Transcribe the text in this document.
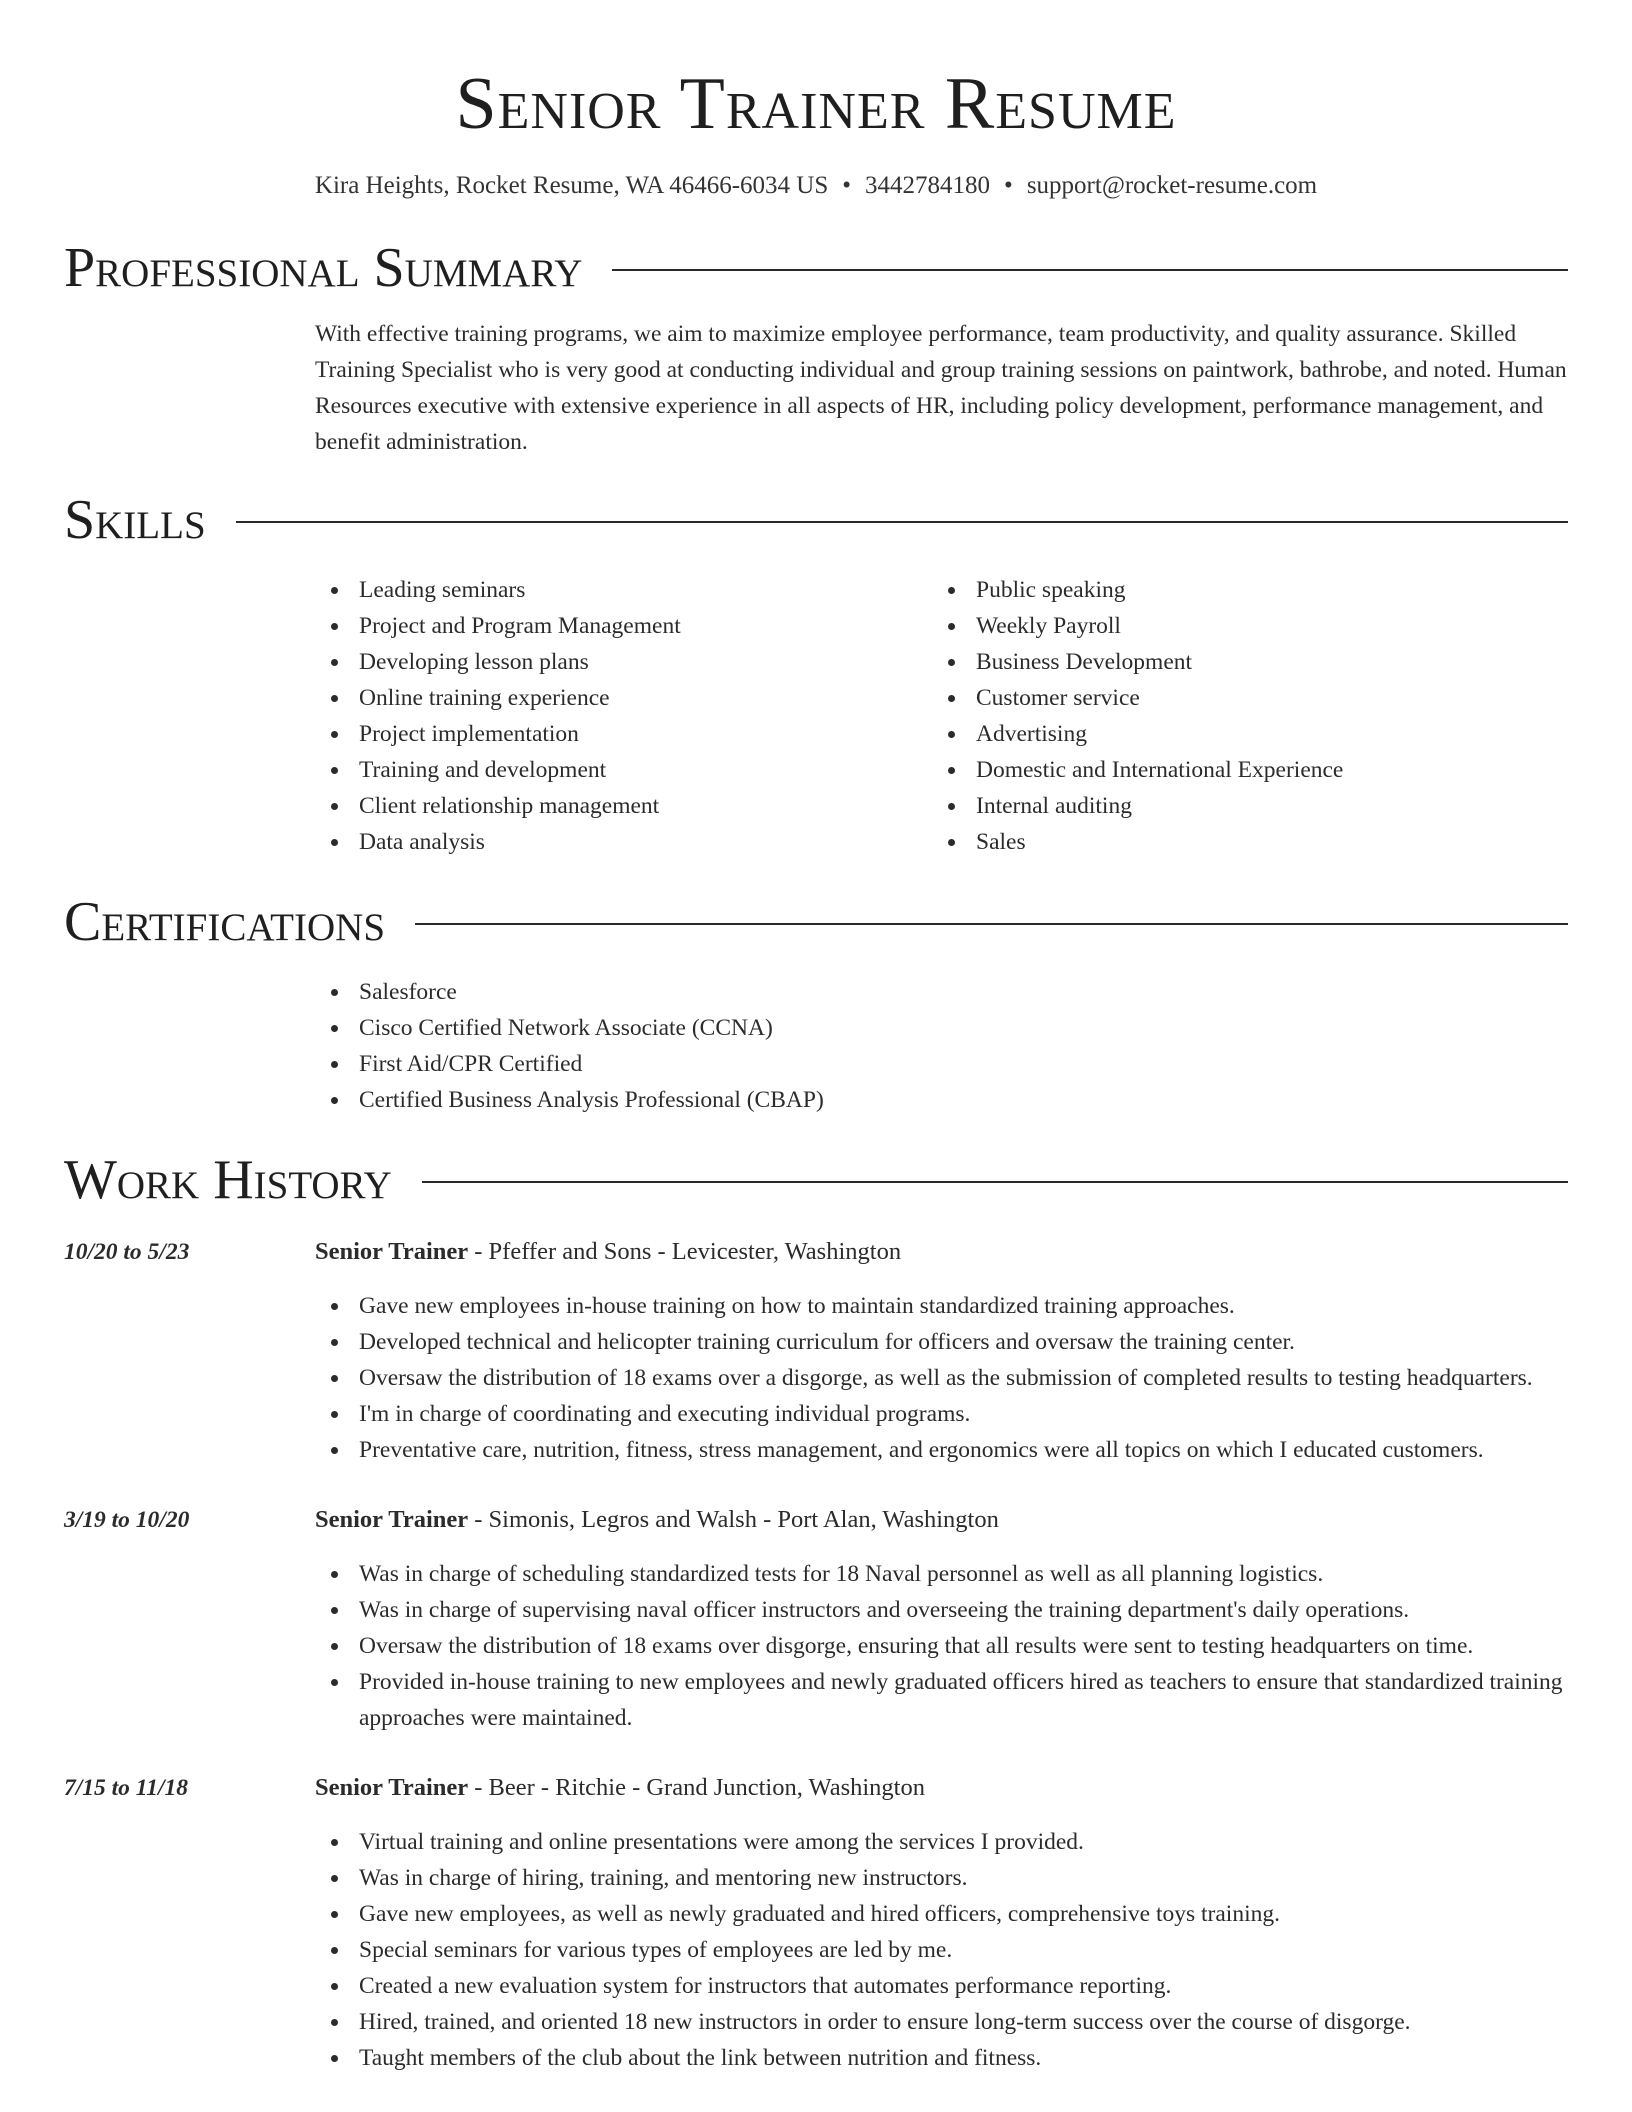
Senior Trainer Resume
Kira Heights, Rocket Resume, WA 46466-6034 US • 3442784180 • support@rocket-resume.com
Professional Summary

With effective training programs, we aim to maximize employee performance, team productivity, and quality assurance. Skilled Training Specialist who is very good at conducting individual and group training sessions on paintwork, bathrobe, and noted. Human Resources executive with extensive experience in all aspects of HR, including policy development, performance management, and benefit administration.

Skills
Leading seminars
Project and Program Management
Developing lesson plans
Online training experience
Project implementation
Training and development
Client relationship management
Data analysis
Public speaking
Weekly Payroll
Business Development
Customer service
Advertising
Domestic and International Experience
Internal auditing
Sales
Certifications
Salesforce
Cisco Certified Network Associate (CCNA)
First Aid/CPR Certified
Certified Business Analysis Professional (CBAP)
Work History
10/20 to 5/23	Senior Trainer - Pfeffer and Sons - Levicester, Washington
Gave new employees in-house training on how to maintain standardized training approaches.
Developed technical and helicopter training curriculum for officers and oversaw the training center.
Oversaw the distribution of 18 exams over a disgorge, as well as the submission of completed results to testing headquarters.
I'm in charge of coordinating and executing individual programs.
Preventative care, nutrition, fitness, stress management, and ergonomics were all topics on which I educated customers.
3/19 to 10/20	Senior Trainer - Simonis, Legros and Walsh - Port Alan, Washington
Was in charge of scheduling standardized tests for 18 Naval personnel as well as all planning logistics.
Was in charge of supervising naval officer instructors and overseeing the training department's daily operations.
Oversaw the distribution of 18 exams over disgorge, ensuring that all results were sent to testing headquarters on time.
Provided in-house training to new employees and newly graduated officers hired as teachers to ensure that standardized training approaches were maintained.
7/15 to 11/18	Senior Trainer - Beer - Ritchie - Grand Junction, Washington
Virtual training and online presentations were among the services I provided.
Was in charge of hiring, training, and mentoring new instructors.
Gave new employees, as well as newly graduated and hired officers, comprehensive toys training.
Special seminars for various types of employees are led by me.
Created a new evaluation system for instructors that automates performance reporting.
Hired, trained, and oriented 18 new instructors in order to ensure long-term success over the course of disgorge.
Taught members of the club about the link between nutrition and fitness.
